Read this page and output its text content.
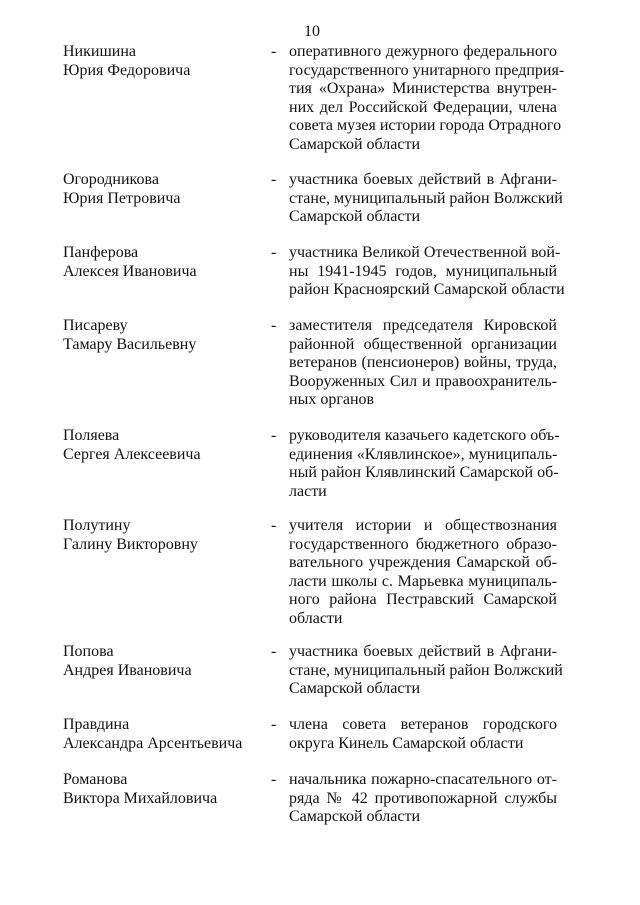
10
Никишина
Юрия Федоровича
- оперативного дежурного федерального
государственного унитарного предприя-
тия «Охрана» Министерства внутрен-
них дел Российской Федерации, члена
совета музея истории города Отрадного
Самарской области
Огородникова
Юрия Петровича
- участника боевых действий в Афгани-
стане, муниципальный район Волжский
Самарской области
Панферова
Алексея Ивановича
- участника Великой Отечественной вой-
ны 1941-1945 годов, муниципальный
район Красноярский Самарской области
Писареву
Тамару Васильевну
- заместителя председателя Кировской
районной общественной организации
ветеранов (пенсионеров) войны, труда,
Вооруженных Сил и правоохранитель-
ных органов
Поляева
Сергея Алексеевича
- руководителя казачьего кадетского объ-
единения «Клявлинское», муниципаль-
ный район Клявлинский Самарской об-
ласти
Полутину
Галину Викторовну
- учителя истории и обществознания
государственного бюджетного образо-
вательного учреждения Самарской об-
ласти школы с. Марьевка муниципаль-
ного района Пестравский Самарской
области
Попова
Андрея Ивановича
- участника боевых действий в Афгани-
стане, муниципальный район Волжский
Самарской области
Правдина
Александра Арсентьевича
- члена совета ветеранов городского
округа Кинель Самарской области
Романова
Виктора Михайловича
- начальника пожарно-спасательного от-
ряда № 42 противопожарной службы
Самарской области
